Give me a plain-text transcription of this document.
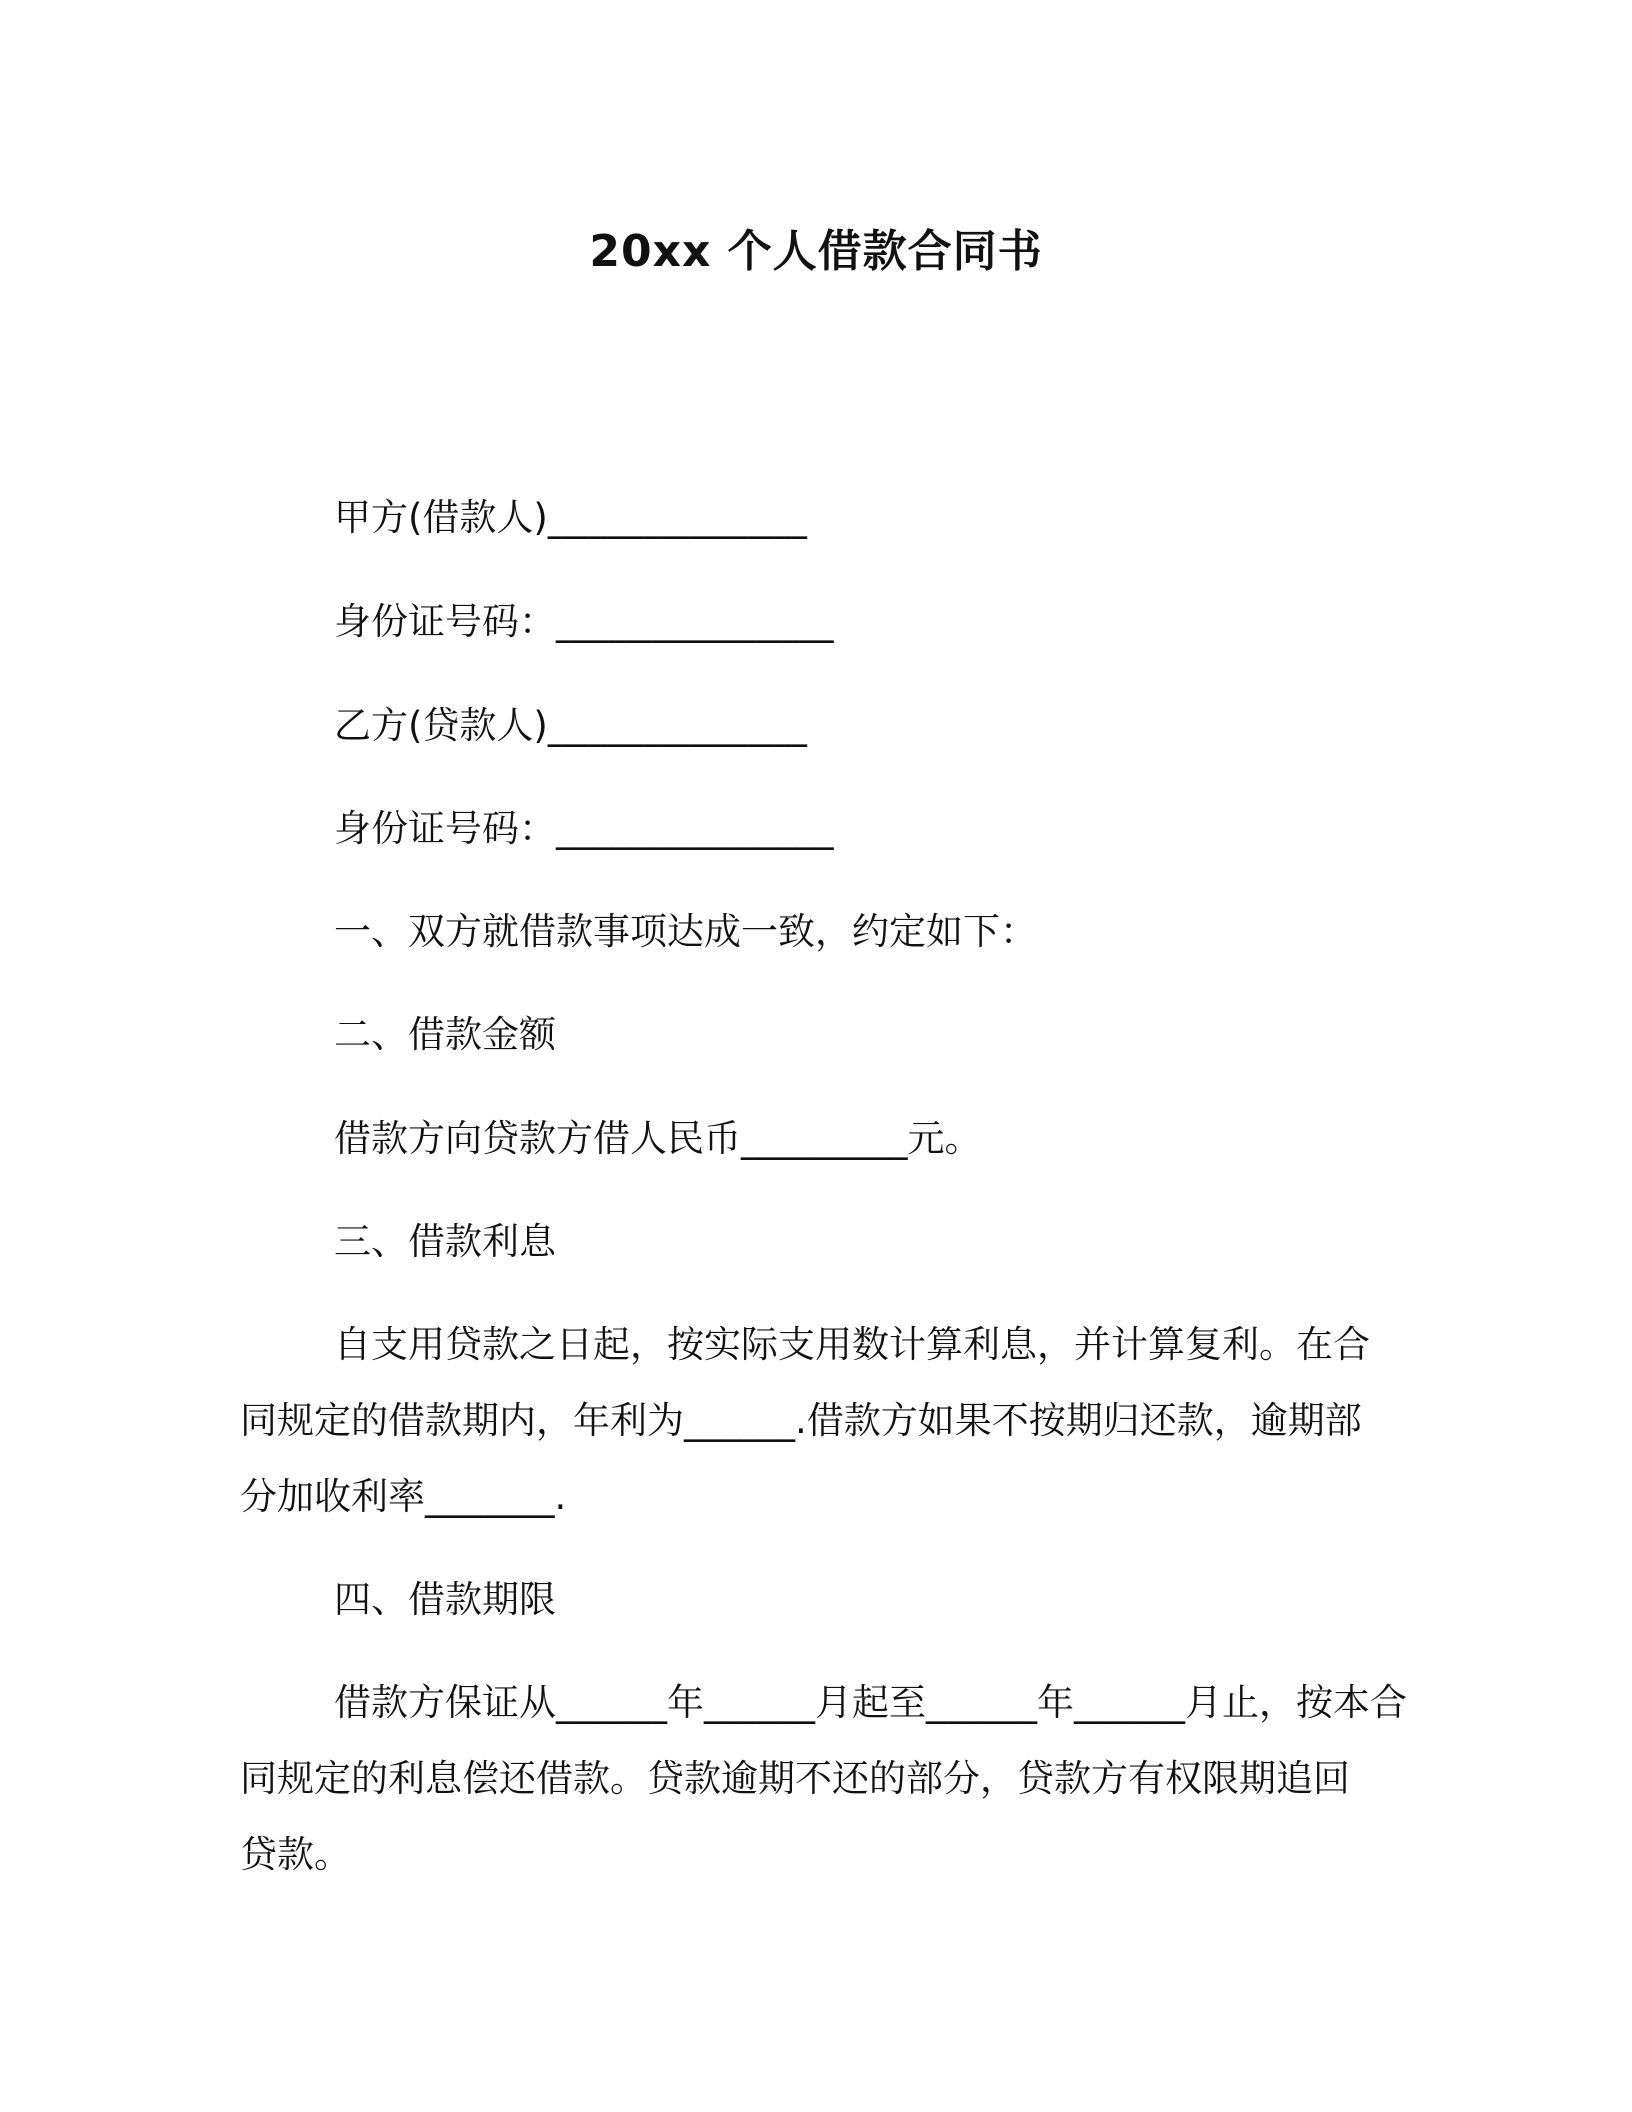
20xx 个人借款合同书

甲方(借款人)______________

身份证号码：_______________

乙方(贷款人)______________

身份证号码：_______________

一、双方就借款事项达成一致，约定如下：

二、借款金额

借款方向贷款方借人民币_________元。

三、借款利息

自支用贷款之日起，按实际支用数计算利息，并计算复利。在合

同规定的借款期内，年利为______.借款方如果不按期归还款，逾期部

分加收利率_______.

四、借款期限

借款方保证从______年______月起至______年______月止，按本合

同规定的利息偿还借款。贷款逾期不还的部分，贷款方有权限期追回

贷款。
